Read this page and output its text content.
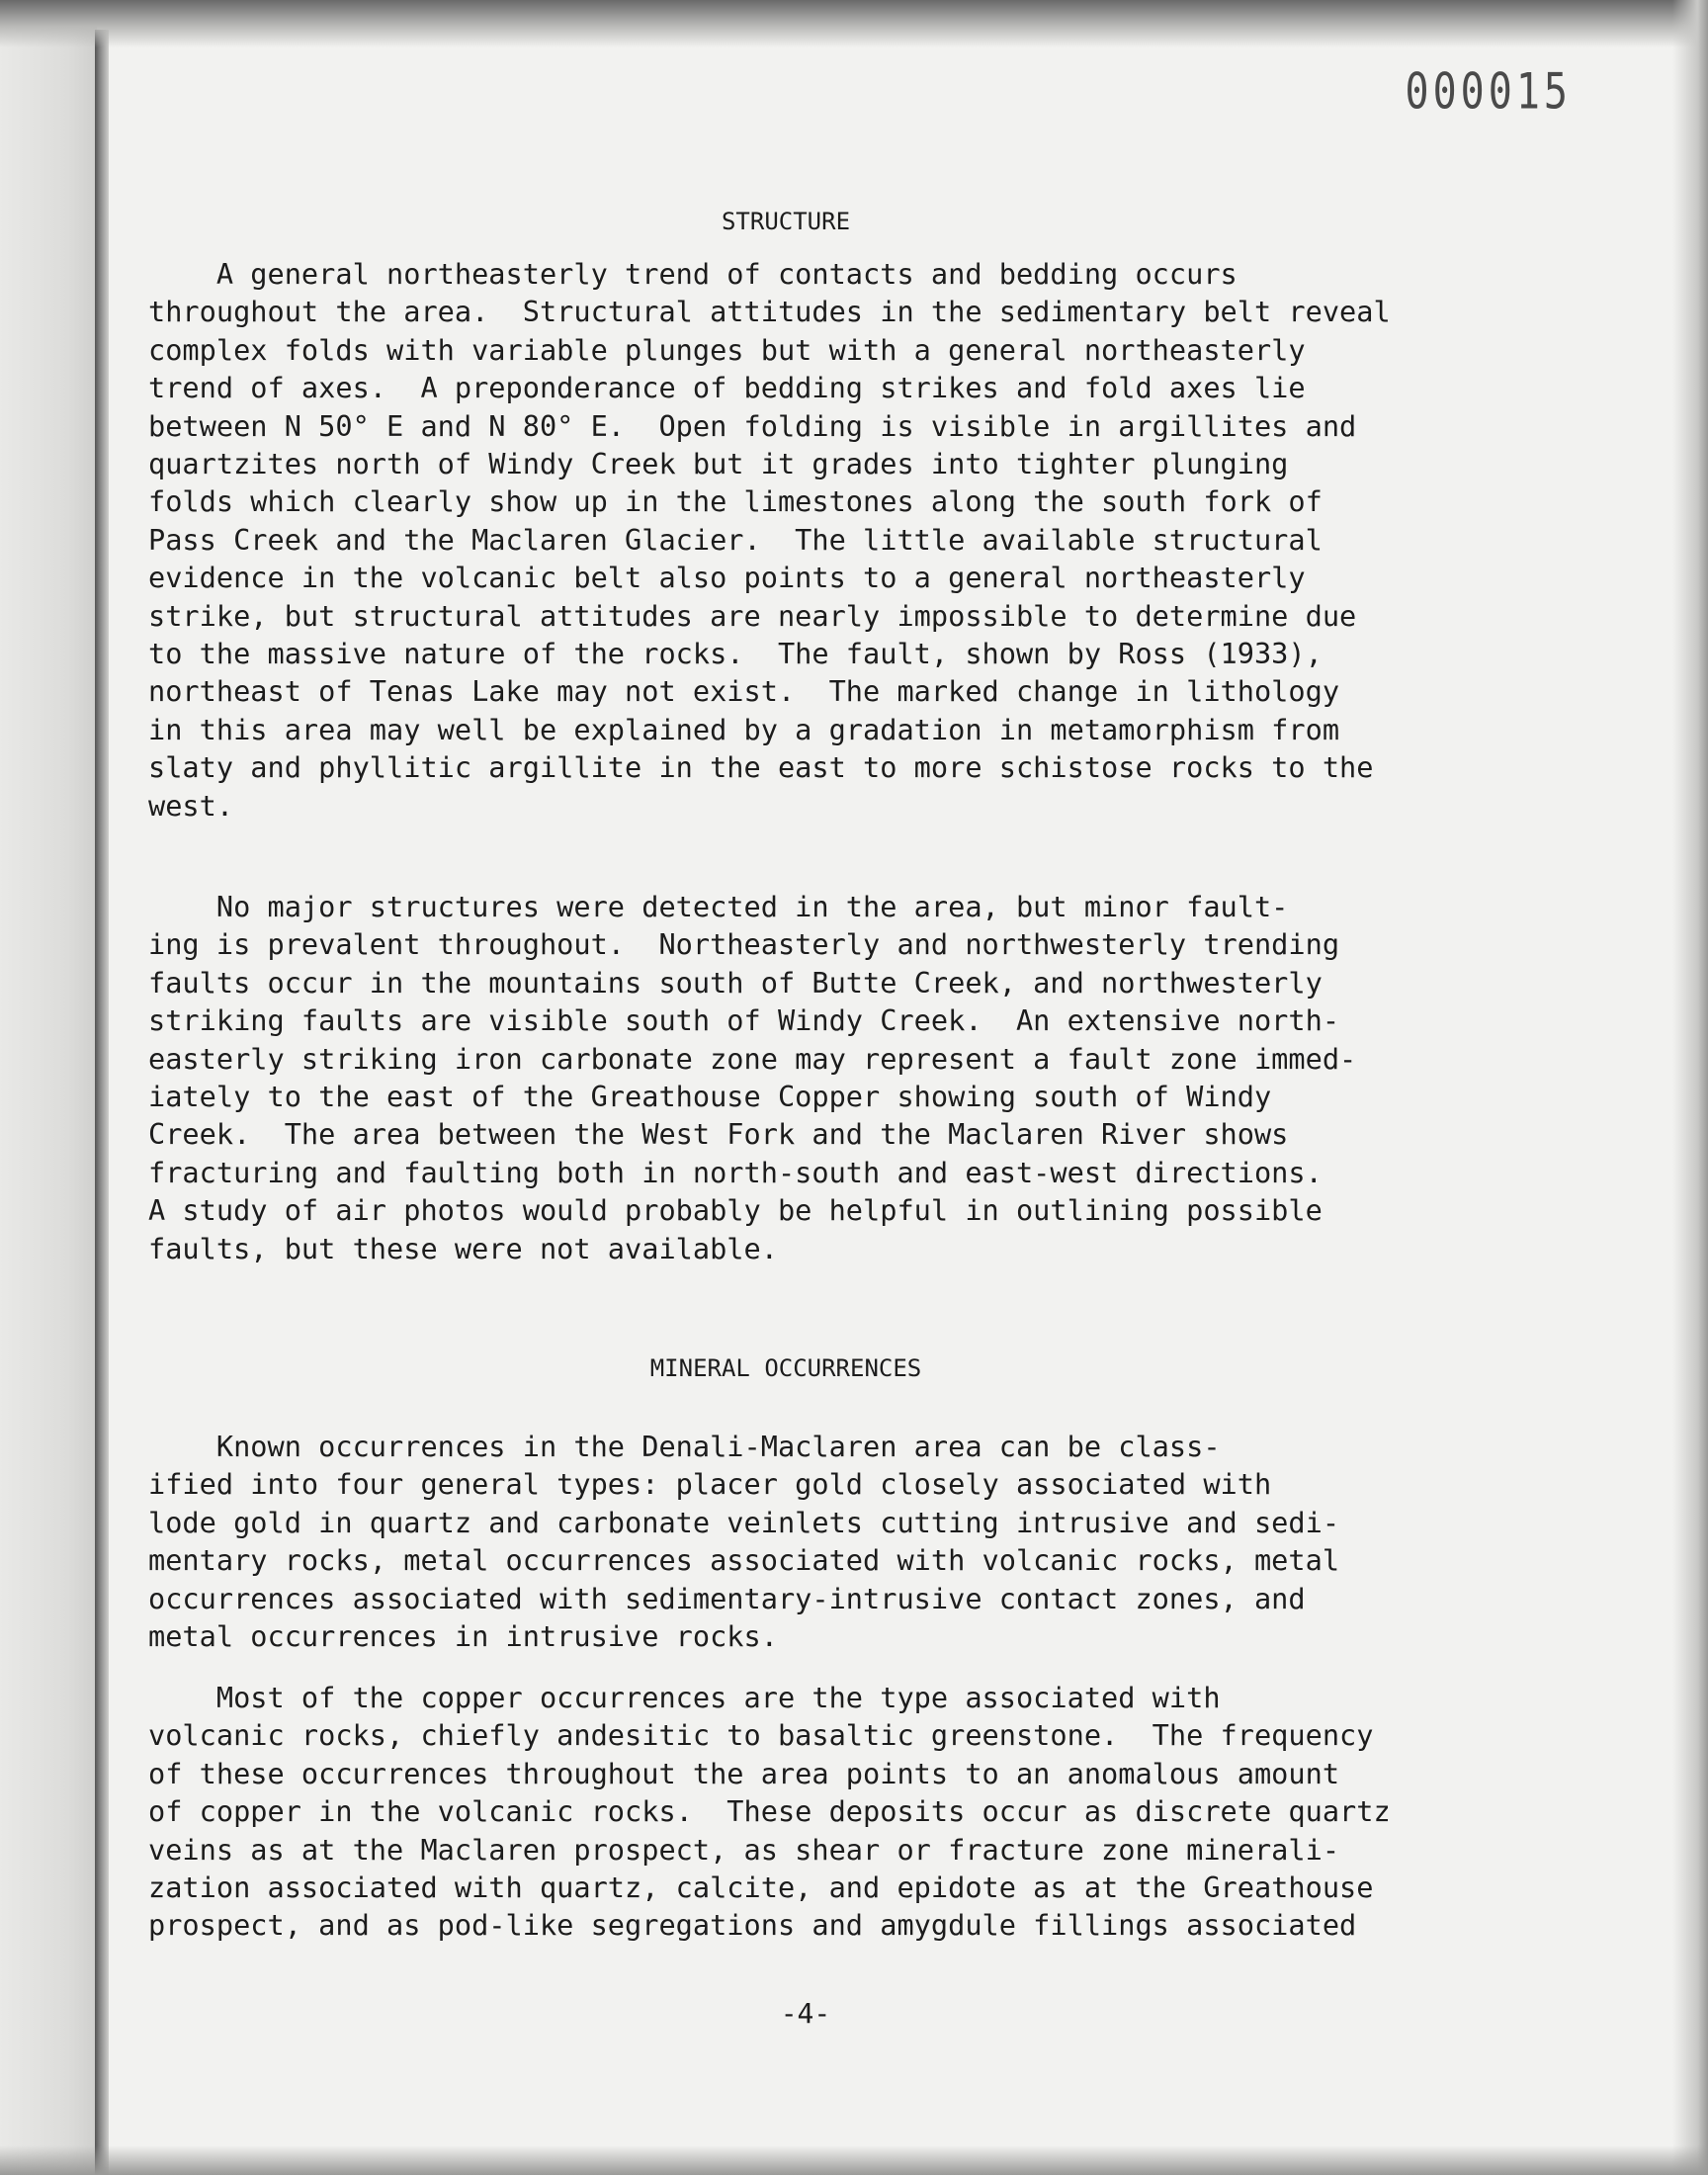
000015
STRUCTURE

A general northeasterly trend of contacts and bedding occurs
throughout the area.  Structural attitudes in the sedimentary belt reveal
complex folds with variable plunges but with a general northeasterly
trend of axes.  A preponderance of bedding strikes and fold axes lie
between N 50° E and N 80° E.  Open folding is visible in argillites and
quartzites north of Windy Creek but it grades into tighter plunging
folds which clearly show up in the limestones along the south fork of
Pass Creek and the Maclaren Glacier.  The little available structural
evidence in the volcanic belt also points to a general northeasterly
strike, but structural attitudes are nearly impossible to determine due
to the massive nature of the rocks.  The fault, shown by Ross (1933),
northeast of Tenas Lake may not exist.  The marked change in lithology
in this area may well be explained by a gradation in metamorphism from
slaty and phyllitic argillite in the east to more schistose rocks to the
west.

No major structures were detected in the area, but minor fault-
ing is prevalent throughout.  Northeasterly and northwesterly trending
faults occur in the mountains south of Butte Creek, and northwesterly
striking faults are visible south of Windy Creek.  An extensive north-
easterly striking iron carbonate zone may represent a fault zone immed-
iately to the east of the Greathouse Copper showing south of Windy
Creek.  The area between the West Fork and the Maclaren River shows
fracturing and faulting both in north-south and east-west directions.
A study of air photos would probably be helpful in outlining possible
faults, but these were not available.

MINERAL OCCURRENCES

Known occurrences in the Denali-Maclaren area can be class-
ified into four general types: placer gold closely associated with
lode gold in quartz and carbonate veinlets cutting intrusive and sedi-
mentary rocks, metal occurrences associated with volcanic rocks, metal
occurrences associated with sedimentary-intrusive contact zones, and
metal occurrences in intrusive rocks.

Most of the copper occurrences are the type associated with
volcanic rocks, chiefly andesitic to basaltic greenstone.  The frequency
of these occurrences throughout the area points to an anomalous amount
of copper in the volcanic rocks.  These deposits occur as discrete quartz
veins as at the Maclaren prospect, as shear or fracture zone minerali-
zation associated with quartz, calcite, and epidote as at the Greathouse
prospect, and as pod-like segregations and amygdule fillings associated

-4-
